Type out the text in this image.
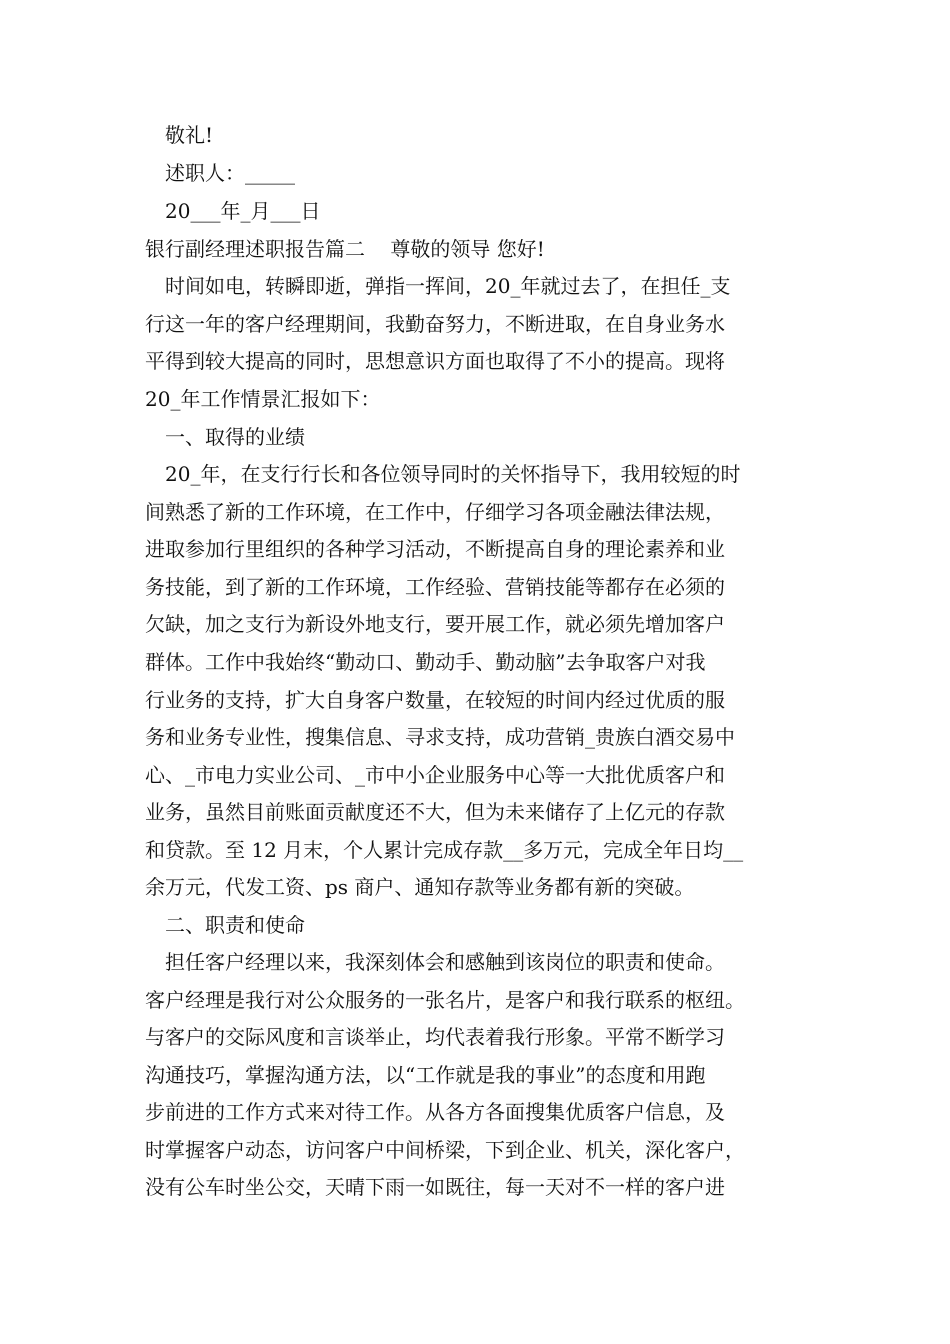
敬礼!

述职人：_____

20___年_月___日

银行副经理述职报告篇二    尊敬的领导 您好!

时间如电，转瞬即逝，弹指一挥间，20_年就过去了，在担任_支

行这一年的客户经理期间，我勤奋努力，不断进取，在自身业务水

平得到较大提高的同时，思想意识方面也取得了不小的提高。现将

20_年工作情景汇报如下：

一、取得的业绩

20_年，在支行行长和各位领导同时的关怀指导下，我用较短的时

间熟悉了新的工作环境，在工作中，仔细学习各项金融法律法规，

进取参加行里组织的各种学习活动，不断提高自身的理论素养和业

务技能，到了新的工作环境，工作经验、营销技能等都存在必须的

欠缺，加之支行为新设外地支行，要开展工作，就必须先增加客户

群体。工作中我始终“勤动口、勤动手、勤动脑”去争取客户对我

行业务的支持，扩大自身客户数量，在较短的时间内经过优质的服

务和业务专业性，搜集信息、寻求支持，成功营销_贵族白酒交易中

心、_市电力实业公司、_市中小企业服务中心等一大批优质客户和

业务，虽然目前账面贡献度还不大，但为未来储存了上亿元的存款

和贷款。至 12 月末，个人累计完成存款__多万元，完成全年日均__

余万元，代发工资、ps 商户、通知存款等业务都有新的突破。

二、职责和使命

担任客户经理以来，我深刻体会和感触到该岗位的职责和使命。

客户经理是我行对公众服务的一张名片，是客户和我行联系的枢纽。

与客户的交际风度和言谈举止，均代表着我行形象。平常不断学习

沟通技巧，掌握沟通方法，以“工作就是我的事业”的态度和用跑

步前进的工作方式来对待工作。从各方各面搜集优质客户信息，及

时掌握客户动态，访问客户中间桥梁，下到企业、机关，深化客户，

没有公车时坐公交，天晴下雨一如既往，每一天对不一样的客户进
